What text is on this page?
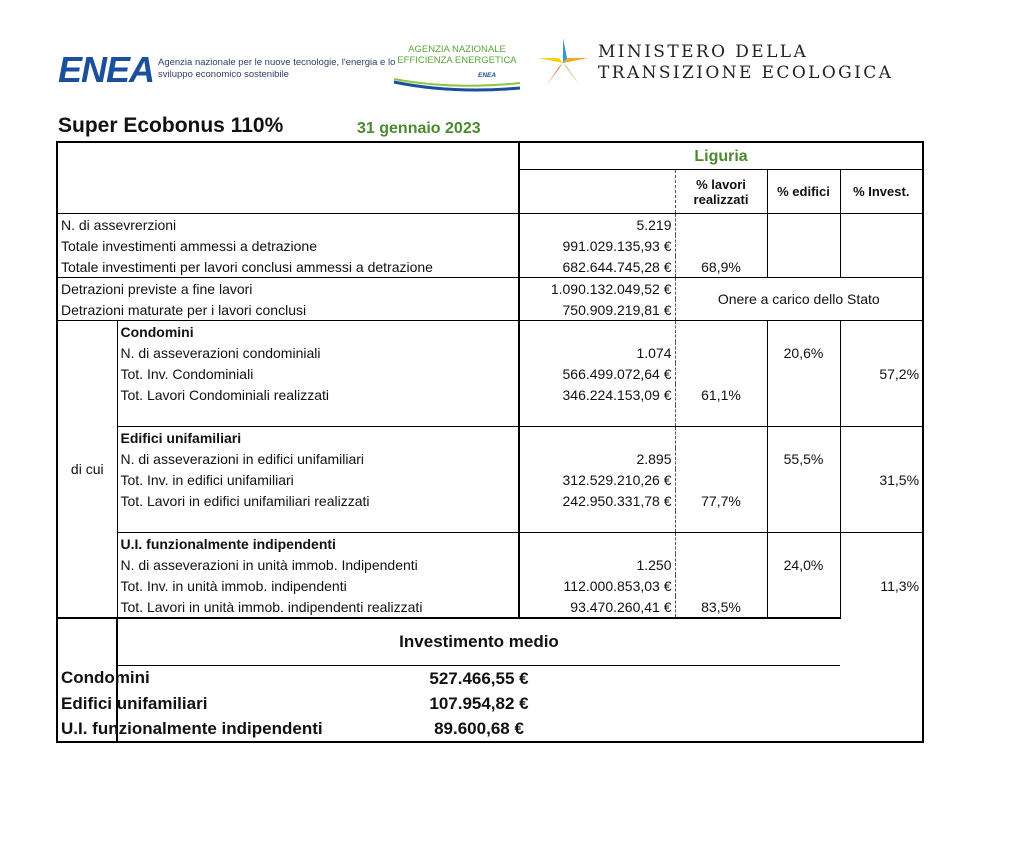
ENEA Agenzia nazionale per le nuove tecnologie, l'energia e lo sviluppo economico sostenibile
AGENZIA NAZIONALE
EFFICIENZA ENERGETICA
ENEA
MINISTERO DELLA
TRANSIZIONE ECOLOGICA
Super Ecobonus 110%	31 gennaio 2023
		Liguria			

			% lavori realizzati	% edifici	% Invest.

N. di assevrerzioni		5.219			
Totale investimenti ammessi a detrazione		991.029.135,93 €			
Totale investimenti per lavori conclusi ammessi a detrazione		682.644.745,28 €	68,9%		
Detrazioni previste a fine lavori		1.090.132.049,52 €	Onere a carico dello Stato		
Detrazioni maturate per i lavori conclusi		750.909.219,81 €			
di cui	Condomini				
	N. di asseverazioni condominiali	1.074		20,6%	
	Tot. Inv. Condominiali	566.499.072,64 €			57,2%
	Tot. Lavori Condominiali realizzati	346.224.153,09 €	61,1%		

	Edifici unifamiliari				
	N. di asseverazioni in edifici unifamiliari	2.895		55,5%	
	Tot. Inv. in edifici unifamiliari	312.529.210,26 €			31,5%
	Tot. Lavori in edifici unifamiliari realizzati	242.950.331,78 €	77,7%		

	U.I. funzionalmente indipendenti				
	N. di asseverazioni in unità immob. Indipendenti	1.250		24,0%	
	Tot. Inv. in unità immob. indipendenti	112.000.853,03 €			11,3%
	Tot. Lavori in unità immob. indipendenti realizzati	93.470.260,41 €	83,5%		
	Investimento medio				
Condomini	527.466,55 €				
Edifici unifamiliari	107.954,82 €				
U.I. funzionalmente indipendenti	89.600,68 €				
